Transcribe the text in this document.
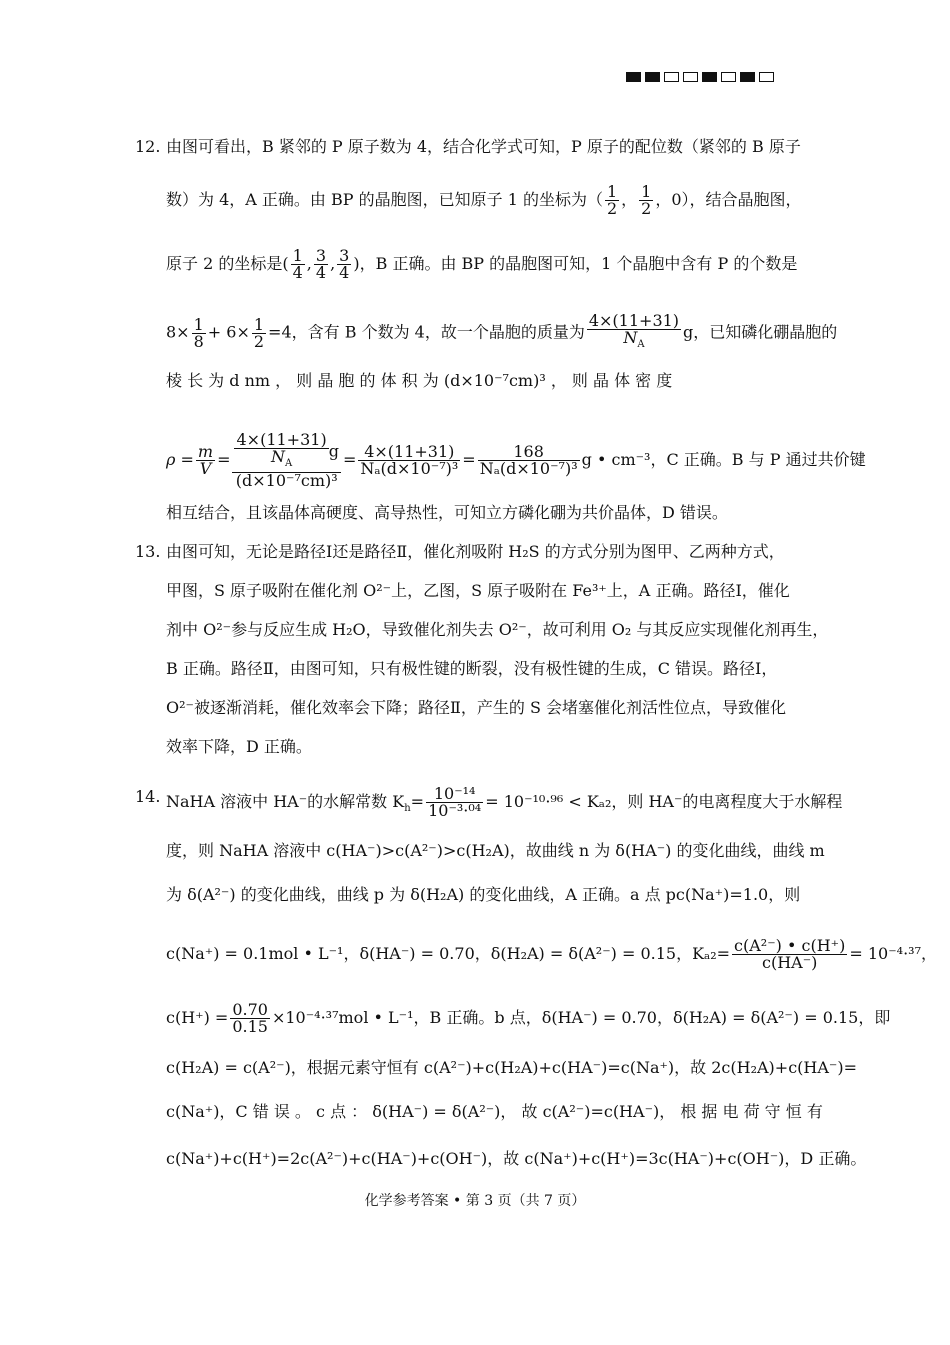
12. 由图可看出，B 紧邻的 P 原子数为 4，结合化学式可知，P 原子的配位数（紧邻的 B 原子
数）为 4，A 正确。由 BP 的晶胞图，已知原子 1 的坐标为（ $\frac{1}{2}$ ， $\frac{1}{2}$ ，0），结合晶胞图，
原子 2 的坐标是( $\frac{1}{4}$ , $\frac{3}{4}$ , $\frac{3}{4}$ )，B 正确。由 BP 的晶胞图可知，1 个晶胞中含有 P 的个数是
$8\times \frac{1}{8} + 6\times \frac{1}{2} =4$，含有 B 个数为 4，故一个晶胞的质量为 $\frac{4\times(11+31)}{N_A}$ g，已知磷化硼晶胞的
棱 长 为 d nm ， 则 晶 胞 的 体 积 为 (d×10⁻⁷cm)³ ， 则 晶 体 密 度
$\rho = \frac{m}{V} = \frac{\frac{4\times(11+31)}{N_A} g}{\text{(d×10⁻⁷cm)³}} = \frac{4\times(11+31)}{\text{Nₐ(d×10⁻⁷)³}} = \frac{168}{\text{Nₐ(d×10⁻⁷)³}}$ g • cm⁻³，C 正确。B 与 P 通过共价键
相互结合，且该晶体高硬度、高导热性，可知立方磷化硼为共价晶体，D 错误。
13. 由图可知，无论是路径Ⅰ还是路径Ⅱ，催化剂吸附 H₂S 的方式分别为图甲、乙两种方式，
甲图，S 原子吸附在催化剂 O²⁻上，乙图，S 原子吸附在 Fe³⁺上，A 正确。路径Ⅰ，催化
剂中 O²⁻参与反应生成 H₂O，导致催化剂失去 O²⁻，故可利用 O₂ 与其反应实现催化剂再生，
B 正确。路径Ⅱ，由图可知，只有极性键的断裂，没有极性键的生成，C 错误。路径Ⅰ，
O²⁻被逐渐消耗，催化效率会下降；路径Ⅱ，产生的 S 会堵塞催化剂活性位点，导致催化
效率下降，D 正确。
14. NaHA 溶液中 HA⁻的水解常数 $K_h= \frac{\text{10⁻¹⁴}}{\text{10⁻³·⁰⁴}} = 10^{-10}\cdot^{96} < K_{a2}$，则 HA⁻的电离程度大于水解程
度，则 NaHA 溶液中 c(HA⁻)>c(A²⁻)>c(H₂A)，故曲线 n 为 δ(HA⁻) 的变化曲线，曲线 m
为 δ(A²⁻) 的变化曲线，曲线 p 为 δ(H₂A) 的变化曲线，A 正确。a 点 pc(Na⁺)=1.0，则
c(Na⁺) = 0.1mol • L⁻¹，δ(HA⁻) = 0.70，δ(H₂A) = δ(A²⁻) = 0.15，$K_{a2}= \frac{\text{c(A²⁻) • c(H⁺)}}{c(HA^-)} = 10^{-4}\cdot^{37}$，
$c(H^+) = \frac{0.70}{0.15} \times 10^{-4}\cdot^{37}mol$ • L⁻¹，B 正确。b 点，δ(HA⁻) = 0.70，δ(H₂A) = δ(A²⁻) = 0.15，即
c(H₂A) = c(A²⁻)，根据元素守恒有 c(A²⁻)+c(H₂A)+c(HA⁻)=c(Na⁺)，故 2c(H₂A)+c(HA⁻)=
c(Na⁺)，C 错 误 。 c 点 ： δ(HA⁻) = δ(A²⁻)， 故 c(A²⁻)=c(HA⁻)， 根 据 电 荷 守 恒 有
c(Na⁺)+c(H⁺)=2c(A²⁻)+c(HA⁻)+c(OH⁻)，故 c(Na⁺)+c(H⁺)=3c(HA⁻)+c(OH⁻)，D 正确。
化学参考答案 • 第 3 页（共 7 页）
